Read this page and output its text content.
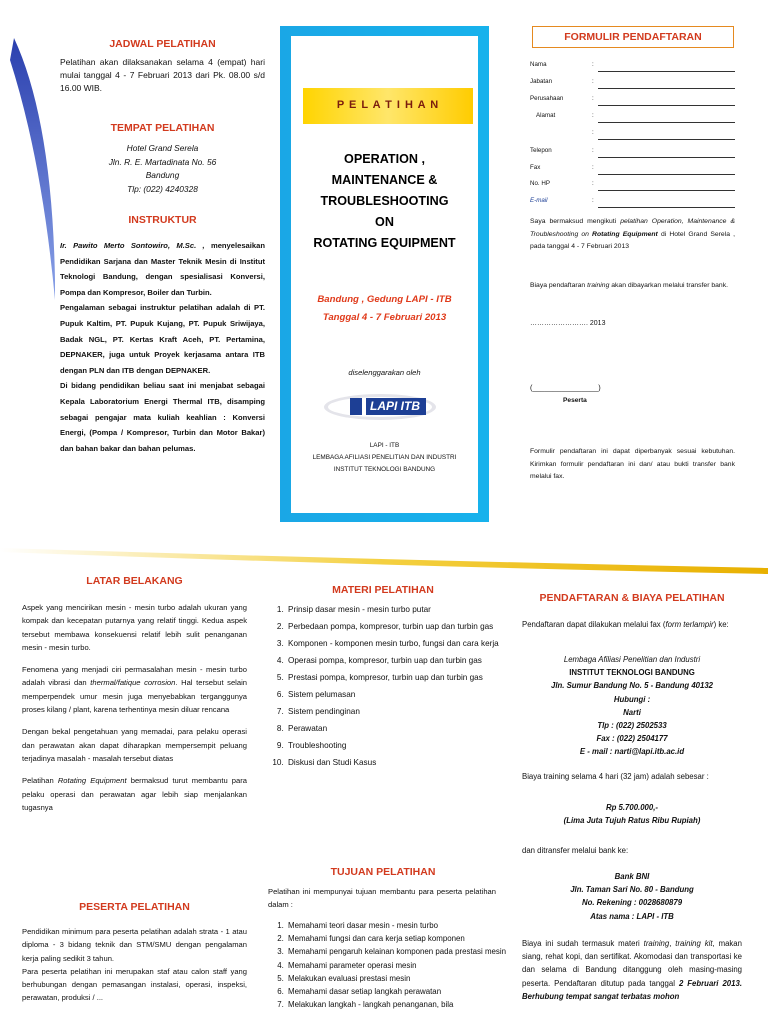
JADWAL PELATIHAN

Pelatihan akan dilaksanakan selama 4 (empat) hari mulai tanggal 4 - 7 Februari 2013 dari Pk. 08.00 s/d 16.00 WIB.

TEMPAT PELATIHAN
Hotel Grand Serela
Jln. R. E. Martadinata No. 56
Bandung
Tlp: (022) 4240328
INSTRUKTUR

Ir. Pawito Merto Sontowiro, M.Sc. , menyelesaikan Pendidikan Sarjana dan Master Teknik Mesin di Institut Teknologi Bandung, dengan spesialisasi Konversi, Pompa dan Kompresor, Boiler dan Turbin.

Pengalaman sebagai instruktur pelatihan adalah di PT. Pupuk Kaltim, PT. Pupuk Kujang, PT. Pupuk Sriwijaya, Badak NGL, PT. Kertas Kraft Aceh, PT. Pertamina, DEPNAKER, juga untuk Proyek kerjasama antara ITB dengan PLN dan ITB dengan DEPNAKER.

Di bidang pendidikan beliau saat ini menjabat sebagai Kepala Laboratorium Energi Thermal ITB, disamping sebagai pengajar mata kuliah keahlian : Konversi Energi, (Pompa / Kompresor, Turbin dan Motor Bakar) dan bahan bakar dan bahan pelumas.

P E L A T I H A N
OPERATION ,
MAINTENANCE &
TROUBLESHOOTING
ON
ROTATING EQUIPMENT
Bandung , Gedung LAPI - ITB
Tanggal 4 - 7 Februari 2013
diselenggarakan oleh
LAPI ITB
LAPI - ITB
LEMBAGA AFILIASI PENELITIAN DAN INDUSTRI
INSTITUT TEKNOLOGI BANDUNG
FORMULIR PENDAFTARAN
Nama	:
Jabatan	:
Perusahaan	:
Alamat	:
:
Telepon	:
Fax	:
No. HP	:
E-mail	:

Saya bermaksud mengikuti pelatihan Operation, Maintenance & Troubleshooting on Rotating Equipment di Hotel Grand Serela , pada tanggal 4 - 7 Februari 2013

Biaya pendaftaran training akan dibayarkan melalui transfer bank.

……………………. 2013
(________________)
Peserta

Formulir pendaftaran ini dapat diperbanyak sesuai kebutuhan. Kirimkan formulir pendaftaran ini dan/ atau bukti transfer bank melalui fax.

LATAR BELAKANG

Aspek yang mencirikan mesin - mesin turbo adalah ukuran yang kompak dan kecepatan putarnya yang relatif tinggi. Kedua aspek tersebut membawa konsekuensi relatif lebih sulit penanganan mesin - mesin turbo.

Fenomena yang menjadi ciri permasalahan mesin - mesin turbo adalah vibrasi dan thermal/fatique corrosion. Hal tersebut selain memperpendek umur mesin juga menyebabkan terganggunya proses kilang / plant, karena terhentinya mesin diluar rencana

Dengan bekal pengetahuan yang memadai, para pelaku operasi dan perawatan akan dapat diharapkan mempersempit peluang terjadinya masalah - masalah tersebut diatas

Pelatihan Rotating Equipment bermaksud turut membantu para pelaku operasi dan perawatan agar lebih siap menjalankan tugasnya

PESERTA PELATIHAN

Pendidikan minimum para peserta pelatihan adalah strata - 1 atau diploma - 3 bidang teknik dan STM/SMU dengan pengalaman kerja paling sedikit 3 tahun.

Para peserta pelatihan ini merupakan staf atau calon staff yang berhubungan dengan pemasangan instalasi, operasi, inspeksi, perawatan, produksi / ...

MATERI PELATIHAN
1. Prinsip dasar mesin - mesin turbo putar
2. Perbedaan pompa, kompresor, turbin uap dan turbin gas
3. Komponen - komponen mesin turbo, fungsi dan cara kerja
4. Operasi pompa, kompresor, turbin uap dan turbin gas
5. Prestasi pompa, kompresor, turbin uap dan turbin gas
6. Sistem pelumasan
7. Sistem pendinginan
8. Perawatan
9. Troubleshooting
10. Diskusi dan Studi Kasus
TUJUAN PELATIHAN

Pelatihan ini mempunyai tujuan membantu para peserta pelatihan dalam :

1. Memahami teori dasar mesin - mesin turbo
2. Memahami fungsi dan cara kerja setiap komponen
3. Memahami pengaruh kelainan komponen pada prestasi mesin
4. Memahami parameter operasi mesin
5. Melakukan evaluasi prestasi mesin
6. Memahami dasar setiap langkah perawatan
7. Melakukan langkah - langkah penanganan, bila
PENDAFTARAN & BIAYA PELATIHAN

Pendaftaran dapat dilakukan melalui fax (form terlampir) ke:

Lembaga Afiliasi Penelitian dan Industri
INSTITUT TEKNOLOGI BANDUNG
Jln. Sumur Bandung No. 5 - Bandung 40132
Hubungi :
Narti
Tlp : (022) 2502533
Fax : (022) 2504177
E - mail : narti@lapi.itb.ac.id

Biaya training selama 4 hari (32 jam) adalah sebesar :

Rp 5.700.000,-
(Lima Juta Tujuh Ratus Ribu Rupiah)

dan ditransfer melalui bank ke:

Bank BNI
Jln. Taman Sari No. 80 - Bandung
No. Rekening : 0028680879
Atas nama : LAPI - ITB

Biaya ini sudah termasuk materi training, training kit, makan siang, rehat kopi, dan sertifikat. Akomodasi dan transportasi ke dan selama di Bandung ditanggung oleh masing-masing peserta. Pendaftaran ditutup pada tanggal 2 Februari 2013. Berhubung tempat sangat terbatas mohon
